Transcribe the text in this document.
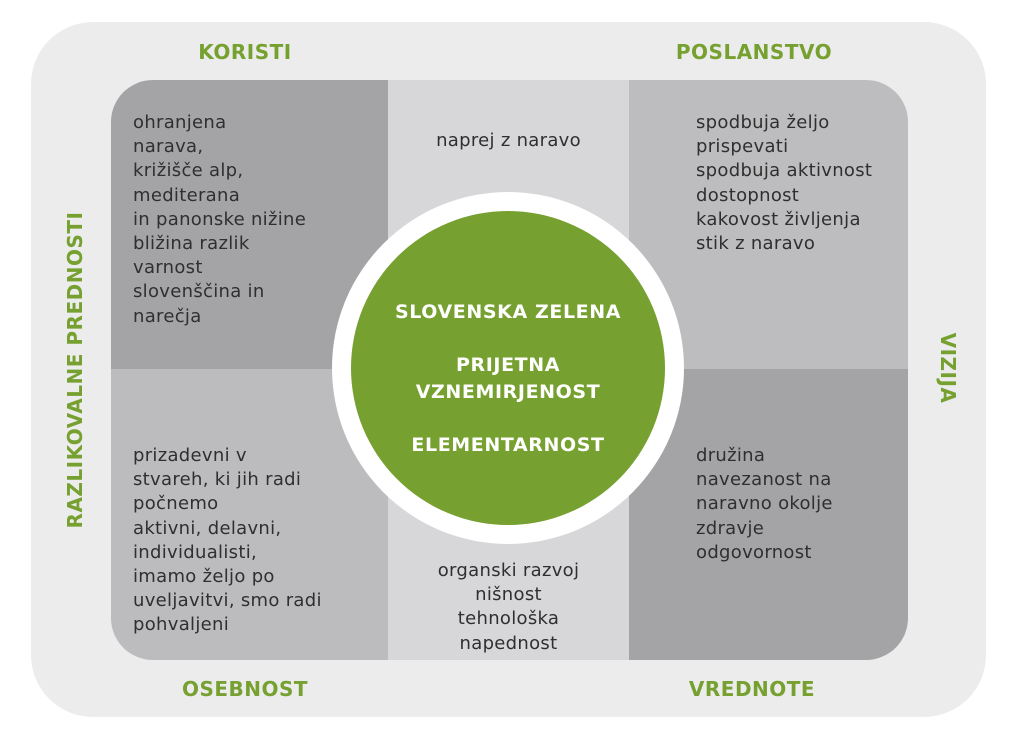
KORISTI	POSLANSTVO
OSEBNOST	VREDNOTE
RAZLIKOVALNE PREDNOSTI	VIZIJA
ohranjena
narava,
križišče alp,
mediterana
in panonske nižine
bližina razlik
varnost
slovenščina in
narečja
naprej z naravo
spodbuja željo
prispevati
spodbuja aktivnost
dostopnost
kakovost življenja
stik z naravo
prizadevni v
stvareh, ki jih radi
počnemo
aktivni, delavni,
individualisti,
imamo željo po
uveljavitvi, smo radi
pohvaljeni
organski razvoj
nišnost
tehnološka
napednost
družina
navezanost na
naravno okolje
zdravje
odgovornost
SLOVENSKA ZELENA
PRIJETNA
VZNEMIRJENOST
ELEMENTARNOST
